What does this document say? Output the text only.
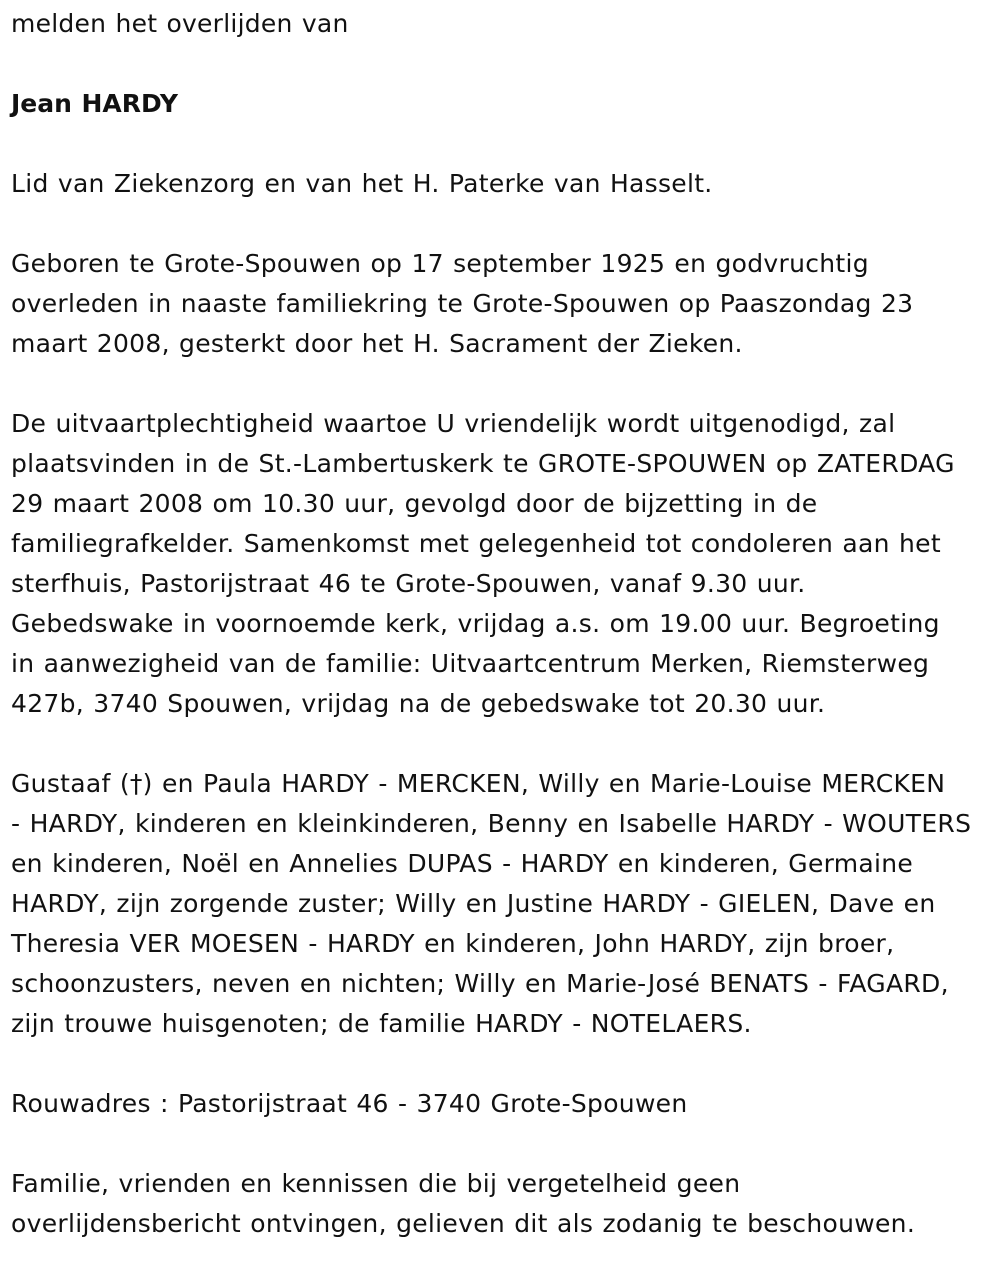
melden het overlijden van

Jean HARDY

Lid van Ziekenzorg en van het H. Paterke van Hasselt.

Geboren te Grote-Spouwen op 17 september 1925 en godvruchtig

overleden in naaste familiekring te Grote-Spouwen op Paaszondag 23

maart 2008, gesterkt door het H. Sacrament der Zieken.

De uitvaartplechtigheid waartoe U vriendelijk wordt uitgenodigd, zal

plaatsvinden in de St.-Lambertuskerk te GROTE-SPOUWEN op ZATERDAG

29 maart 2008 om 10.30 uur, gevolgd door de bijzetting in de

familiegrafkelder. Samenkomst met gelegenheid tot condoleren aan het

sterfhuis, Pastorijstraat 46 te Grote-Spouwen, vanaf 9.30 uur.

Gebedswake in voornoemde kerk, vrijdag a.s. om 19.00 uur. Begroeting

in aanwezigheid van de familie: Uitvaartcentrum Merken, Riemsterweg

427b, 3740 Spouwen, vrijdag na de gebedswake tot 20.30 uur.

Gustaaf (†) en Paula HARDY - MERCKEN, Willy en Marie-Louise MERCKEN

- HARDY, kinderen en kleinkinderen, Benny en Isabelle HARDY - WOUTERS

en kinderen, Noël en Annelies DUPAS - HARDY en kinderen, Germaine

HARDY, zijn zorgende zuster; Willy en Justine HARDY - GIELEN, Dave en

Theresia VER MOESEN - HARDY en kinderen, John HARDY, zijn broer,

schoonzusters, neven en nichten; Willy en Marie-José BENATS - FAGARD,

zijn trouwe huisgenoten; de familie HARDY - NOTELAERS.

Rouwadres : Pastorijstraat 46 - 3740 Grote-Spouwen

Familie, vrienden en kennissen die bij vergetelheid geen

overlijdensbericht ontvingen, gelieven dit als zodanig te beschouwen.
